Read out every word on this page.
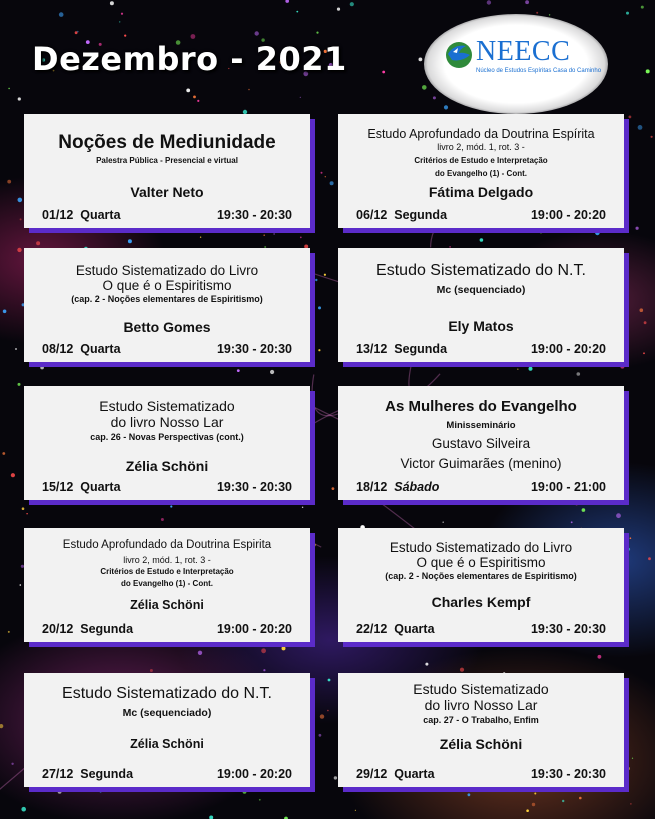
Dezembro - 2021	NEECC
Núcleo de Estudos Espíritas Casa do Caminho
Noções de Mediunidade
Palestra Pública - Presencial e virtual
Valter Neto
01/12 Quarta	19:30 - 20:30
Estudo Aprofundado da Doutrina Espírita
livro 2, mód. 1, rot. 3 -
Critérios de Estudo e Interpretação
do Evangelho (1) - Cont.
Fátima Delgado
06/12 Segunda	19:00 - 20:20
Estudo Sistematizado do Livro
O que é o Espiritismo
(cap. 2 - Noções elementares de Espiritismo)
Betto Gomes
08/12 Quarta	19:30 - 20:30
Estudo Sistematizado do N.T.
Mc (sequenciado)
Ely Matos
13/12 Segunda	19:00 - 20:20
Estudo Sistematizado
do livro Nosso Lar
cap. 26 - Novas Perspectivas (cont.)
Zélia Schöni
15/12 Quarta	19:30 - 20:30
As Mulheres do Evangelho
Minisseminário
Gustavo Silveira
Victor Guimarães (menino)
18/12 Sábado	19:00 - 21:00
Estudo Aprofundado da Doutrina Espirita
livro 2, mód. 1, rot. 3 -
Critérios de Estudo e Interpretação
do Evangelho (1) - Cont.
Zélia Schöni
20/12 Segunda	19:00 - 20:20
Estudo Sistematizado do Livro
O que é o Espiritismo
(cap. 2 - Noções elementares de Espiritismo)
Charles Kempf
22/12 Quarta	19:30 - 20:30
Estudo Sistematizado do N.T.
Mc (sequenciado)
Zélia Schöni
27/12 Segunda	19:00 - 20:20
Estudo Sistematizado
do livro Nosso Lar
cap. 27 - O Trabalho, Enfim
Zélia Schöni
29/12 Quarta	19:30 - 20:30
